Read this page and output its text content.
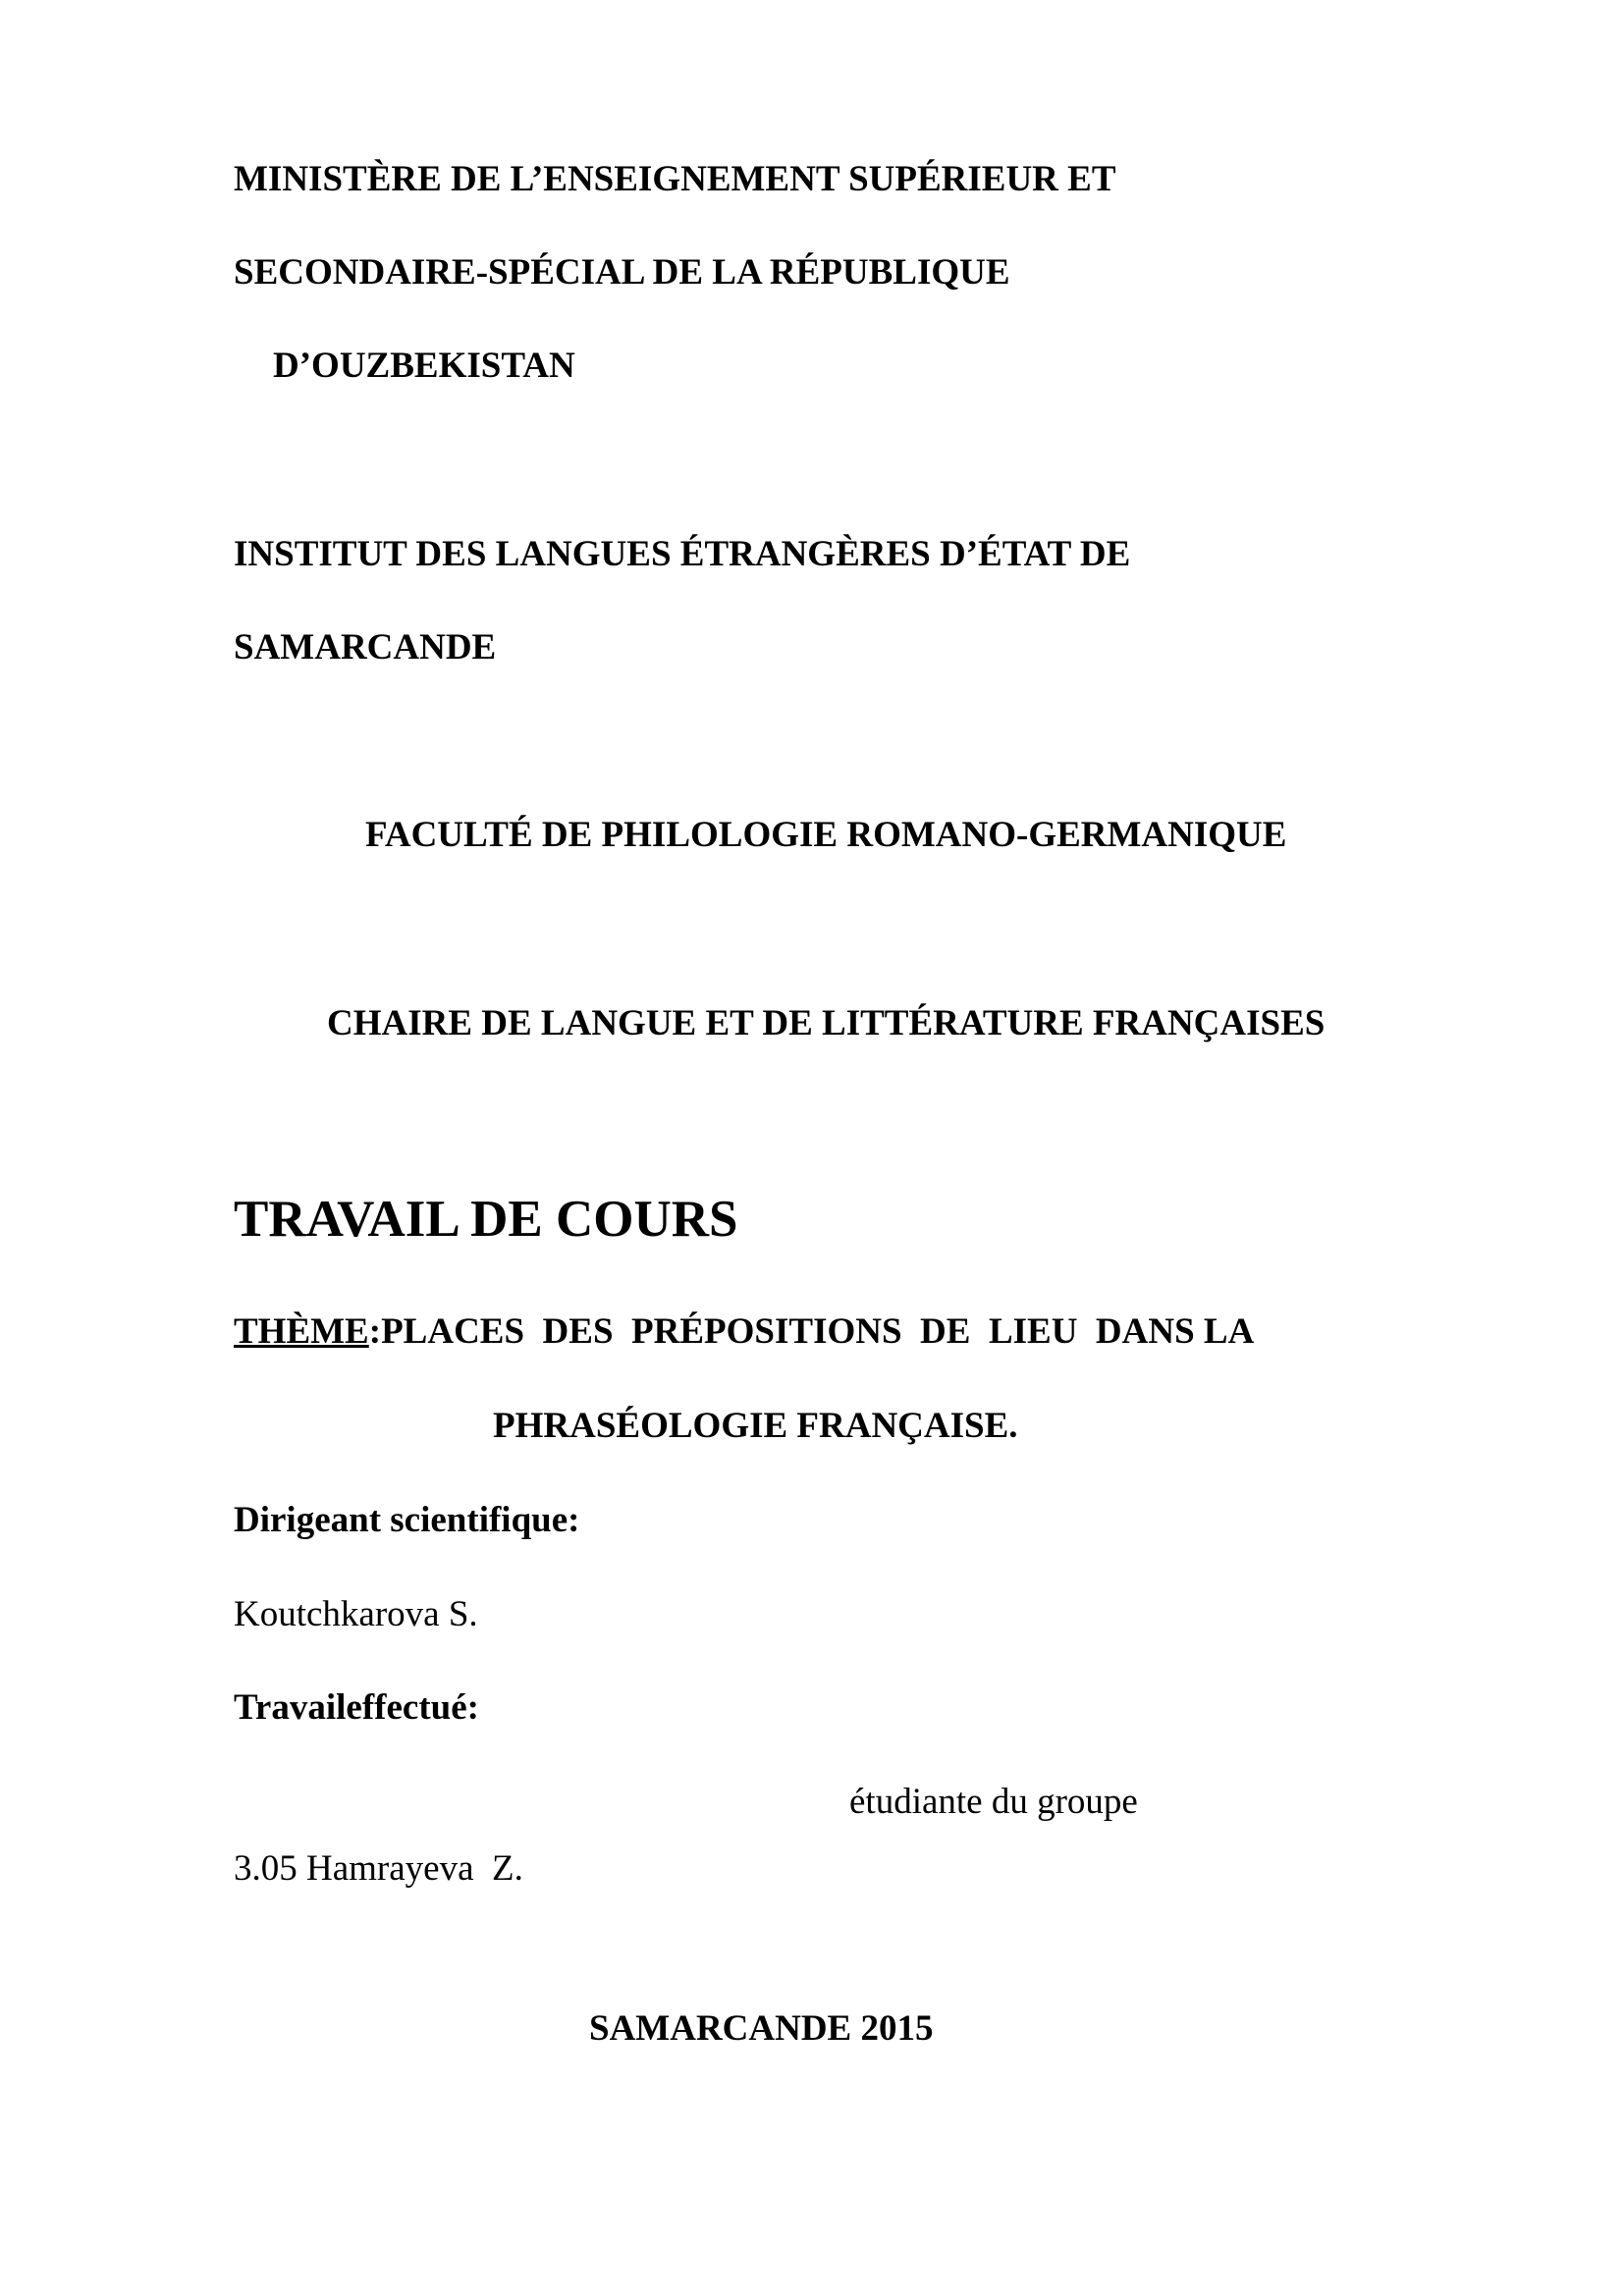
MINISTÈRE DE L’ENSEIGNEMENT SUPÉRIEUR ET
SECONDAIRE-SPÉCIAL DE LA RÉPUBLIQUE
D’OUZBEKISTAN
INSTITUT DES LANGUES ÉTRANGÈRES D’ÉTAT DE
SAMARCANDE
FACULTÉ DE PHILOLOGIE ROMANO-GERMANIQUE
CHAIRE DE LANGUE ET DE LITTÉRATURE FRANÇAISES
TRAVAIL DE COURS
THÈME:PLACES  DES  PRÉPOSITIONS  DE  LIEU  DANS LA
PHRASÉOLOGIE FRANÇAISE.
Dirigeant scientifique:
Koutchkarova S.
Travaileffectué:
étudiante du groupe
3.05 Hamrayeva  Z.
SAMARCANDE 2015
